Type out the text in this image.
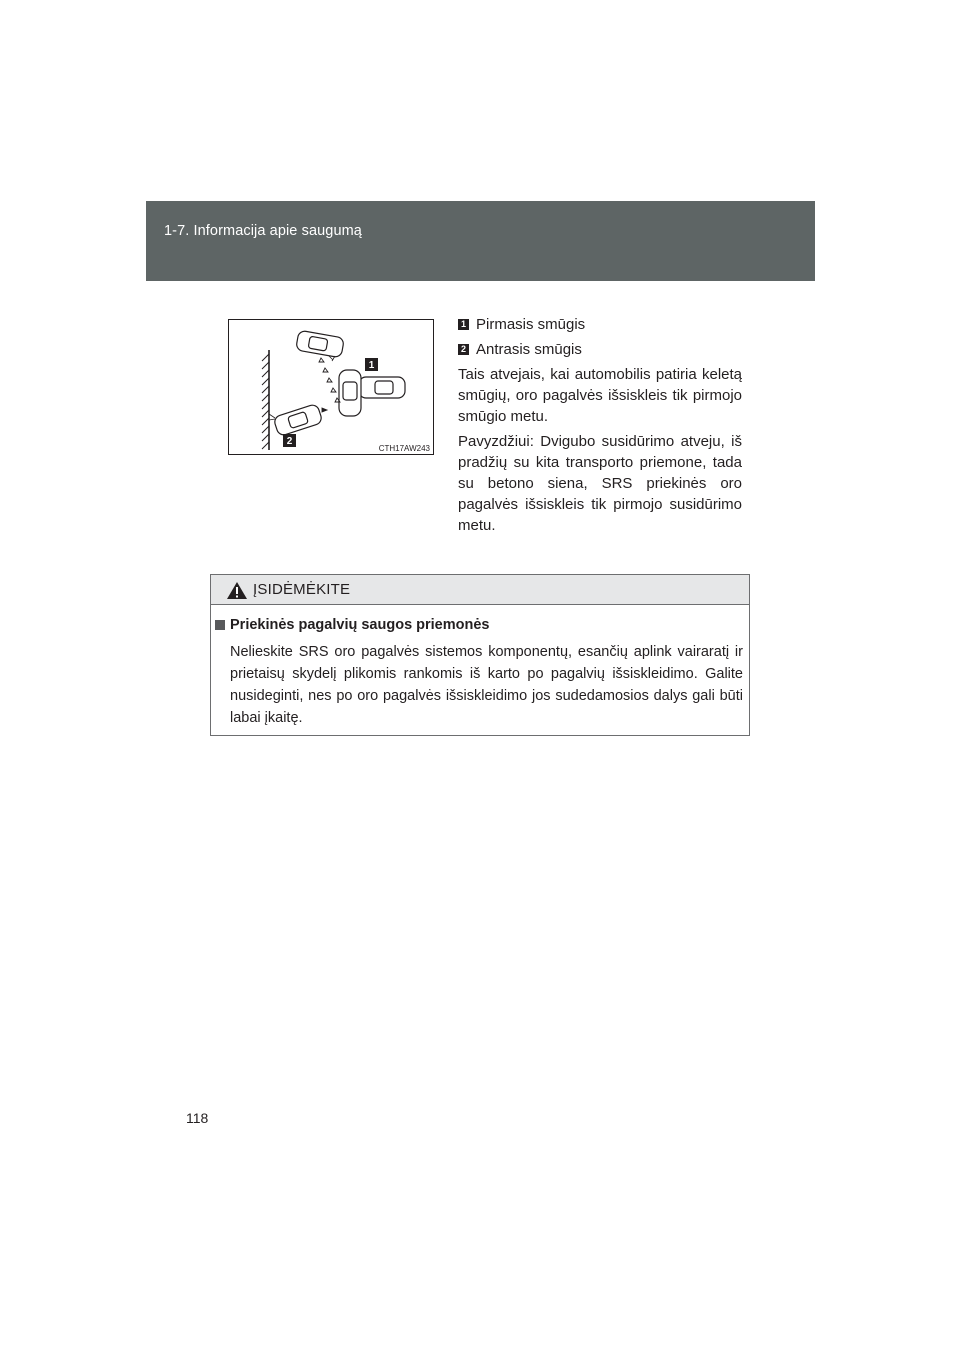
1-7. Informacija apie saugumą
1
2
CTH17AW243
1 Pirmasis smūgis
2 Antrasis smūgis

Tais atvejais, kai automobilis patiria keletą smūgių, oro pagalvės išsiskleis tik pirmojo smūgio metu.

Pavyzdžiui: Dvigubo susidūrimo atveju, iš pradžių su kita transporto priemone, tada su betono siena, SRS priekinės oro pagalvės išsiskleis tik pirmojo susidūrimo metu.

ĮSIDĖMĖKITE
Priekinės pagalvių saugos priemonės

Nelieskite SRS oro pagalvės sistemos komponentų, esančių aplink vairaratį ir prietaisų skydelį plikomis rankomis iš karto po pagalvių išsiskleidimo. Galite nusideginti, nes po oro pagalvės išsiskleidimo jos sudedamosios dalys gali būti labai įkaitę.

118
